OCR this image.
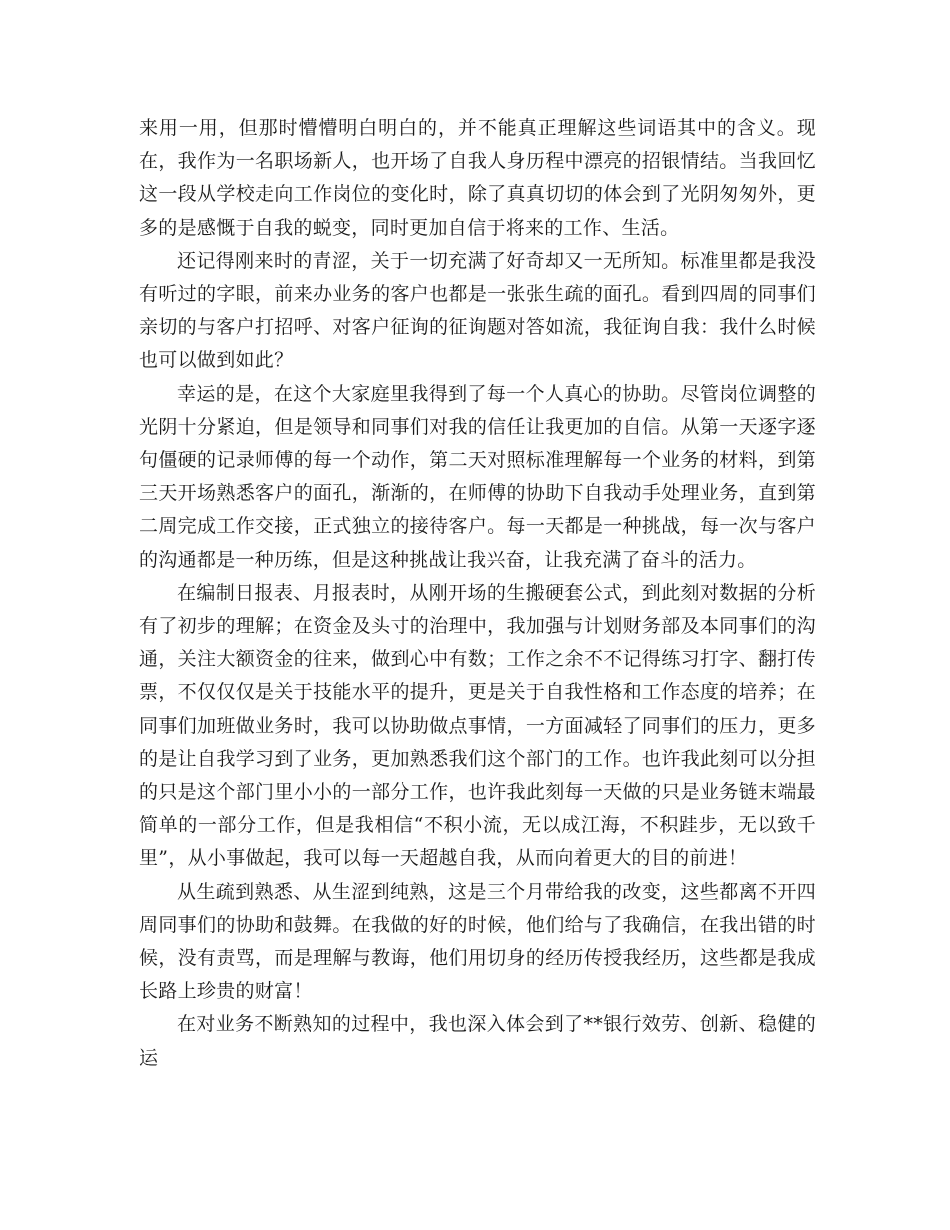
来用一用，但那时懵懵明白明白的，并不能真正理解这些词语其中的含义。现在，我作为一名职场新人，也开场了自我人身历程中漂亮的招银情结。当我回忆这一段从学校走向工作岗位的变化时，除了真真切切的体会到了光阴匆匆外，更多的是感慨于自我的蜕变，同时更加自信于将来的工作、生活。

还记得刚来时的青涩，关于一切充满了好奇却又一无所知。标准里都是我没有听过的字眼，前来办业务的客户也都是一张张生疏的面孔。看到四周的同事们亲切的与客户打招呼、对客户征询的征询题对答如流，我征询自我：我什么时候也可以做到如此？

幸运的是，在这个大家庭里我得到了每一个人真心的协助。尽管岗位调整的光阴十分紧迫，但是领导和同事们对我的信任让我更加的自信。从第一天逐字逐句僵硬的记录师傅的每一个动作，第二天对照标准理解每一个业务的材料，到第三天开场熟悉客户的面孔，渐渐的，在师傅的协助下自我动手处理业务，直到第二周完成工作交接，正式独立的接待客户。每一天都是一种挑战，每一次与客户的沟通都是一种历练，但是这种挑战让我兴奋，让我充满了奋斗的活力。

在编制日报表、月报表时，从刚开场的生搬硬套公式，到此刻对数据的分析有了初步的理解；在资金及头寸的治理中，我加强与计划财务部及本同事们的沟通，关注大额资金的往来，做到心中有数；工作之余不不记得练习打字、翻打传票，不仅仅仅是关于技能水平的提升，更是关于自我性格和工作态度的培养；在同事们加班做业务时，我可以协助做点事情，一方面减轻了同事们的压力，更多的是让自我学习到了业务，更加熟悉我们这个部门的工作。也许我此刻可以分担的只是这个部门里小小的一部分工作，也许我此刻每一天做的只是业务链末端最简单的一部分工作，但是我相信“不积小流，无以成江海，不积跬步，无以致千里”，从小事做起，我可以每一天超越自我，从而向着更大的目的前进！

从生疏到熟悉、从生涩到纯熟，这是三个月带给我的改变，这些都离不开四周同事们的协助和鼓舞。在我做的好的时候，他们给与了我确信，在我出错的时候，没有责骂，而是理解与教诲，他们用切身的经历传授我经历，这些都是我成长路上珍贵的财富！

在对业务不断熟知的过程中，我也深入体会到了**银行效劳、创新、稳健的运
